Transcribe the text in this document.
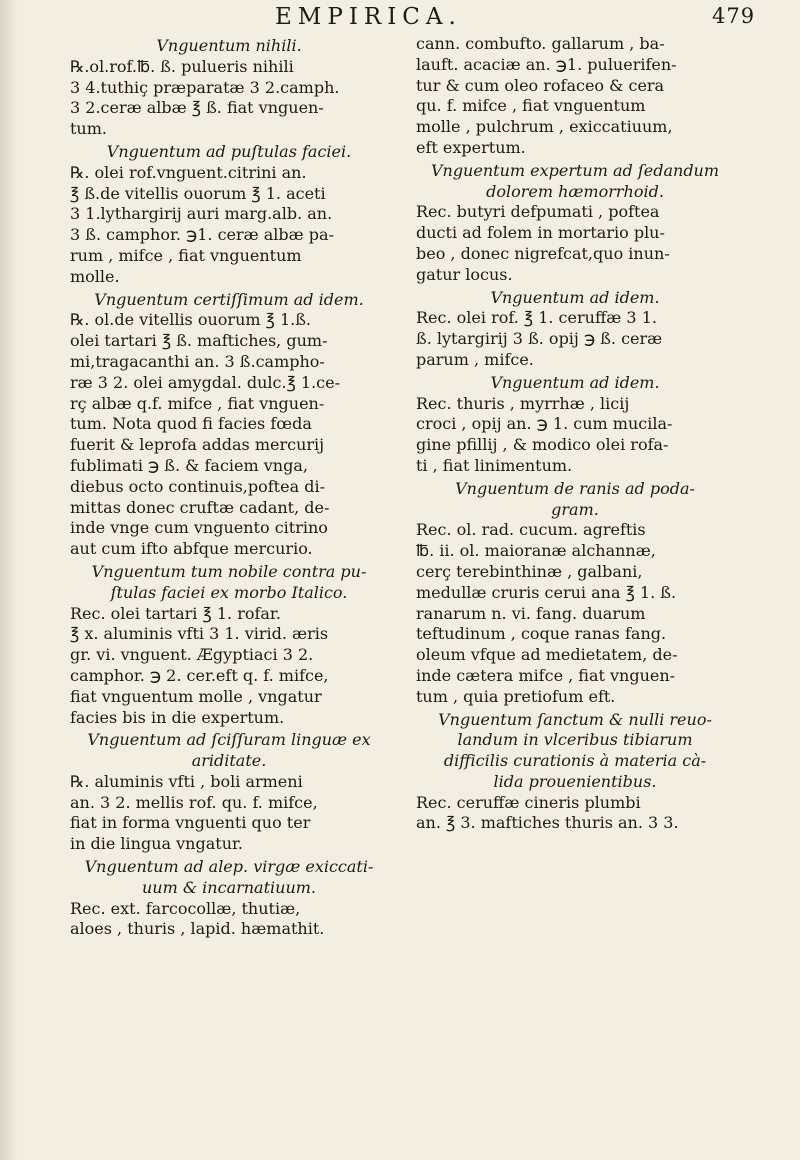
EMPIRICA.	479
Vnguentum nihili.
℞.ol.rof.℔. ß. pulueris nihili
3 4.tuthiç præparatæ 3 2.camph.
3 2.ceræ albæ ℥ ß. fiat vnguen-
tum.
Vnguentum ad puſtulas faciei.
℞. olei rof.vnguent.citrini an.
℥ ß.de vitellis ouorum ℥ 1. aceti
3 1.lythargirij auri marg.alb. an.
3 ß. camphor. ℈1. ceræ albæ pa-
rum , mifce , fiat vnguentum
molle.
Vnguentum certiſſimum ad idem.
℞. ol.de vitellis ouorum ℥ 1.ß.
olei tartari ℥ ß. maftiches, gum-
mi,tragacanthi an. 3 ß.campho-
ræ 3 2. olei amygdal. dulc.℥ 1.ce-
rç albæ q.f. mifce , fiat vnguen-
tum. Nota quod fi facies fœda
fuerit & leprofa addas mercurij
fublimati ℈ ß. & faciem vnga,
diebus octo continuis,poftea di-
mittas donec cruftæ cadant, de-
inde vnge cum vnguento citrino
aut cum ifto abfque mercurio.
Vnguentum tum nobile contra pu-
ſtulas faciei ex morbo Italico.
Rec. olei tartari ℥ 1. rofar.
℥ x. aluminis vfti 3 1. virid. æris
gr. vi. vnguent. Ægyptiaci 3 2.
camphor. ℈ 2. cer.eft q. f. mifce,
fiat vnguentum molle , vngatur
facies bis in die expertum.
Vnguentum ad ſciſſuram linguæ ex
ariditate.
℞. aluminis vfti , boli armeni
an. 3 2. mellis rof. qu. f. mifce,
fiat in forma vnguenti quo ter
in die lingua vngatur.
Vnguentum ad alep. virgæ exiccati-
uum & incarnatiuum.
Rec. ext. farcocollæ, thutiæ,
aloes , thuris , lapid. hæmathit.
cann. combufto. gallarum , ba-
lauft. acaciæ an. ℈1. puluerifen-
tur & cum oleo rofaceo & cera
qu. f. mifce , fiat vnguentum
molle , pulchrum , exiccatiuum,
eft expertum.
Vnguentum expertum ad ſedandum
dolorem hæmorrhoid.
Rec. butyri defpumati , poftea
ducti ad folem in mortario plu-
beo , donec nigrefcat,quo inun-
gatur locus.
Vnguentum ad idem.
Rec. olei rof. ℥ 1. ceruffæ 3 1.
ß. lytargirij 3 ß. opij ℈ ß. ceræ
parum , mifce.
Vnguentum ad idem.
Rec. thuris , myrrhæ , licij
croci , opij an. ℈ 1. cum mucila-
gine pfillij , & modico olei rofa-
ti , fiat linimentum.
Vnguentum de ranis ad poda-
gram.
Rec. ol. rad. cucum. agreftis
℔. ii. ol. maioranæ alchannæ,
cerç terebinthinæ , galbani,
medullæ cruris cerui ana ℥ 1. ß.
ranarum n. vi. fang. duarum
teftudinum , coque ranas fang.
oleum vfque ad medietatem, de-
inde cætera mifce , fiat vnguen-
tum , quia pretiofum eft.
Vnguentum ſanctum & nulli reuo-
landum in vlceribus tibiarum
difficilis curationis à materia cà-
lida prouenientibus.
Rec. ceruffæ cineris plumbi
an. ℥ 3. maftiches thuris an. 3 3.
